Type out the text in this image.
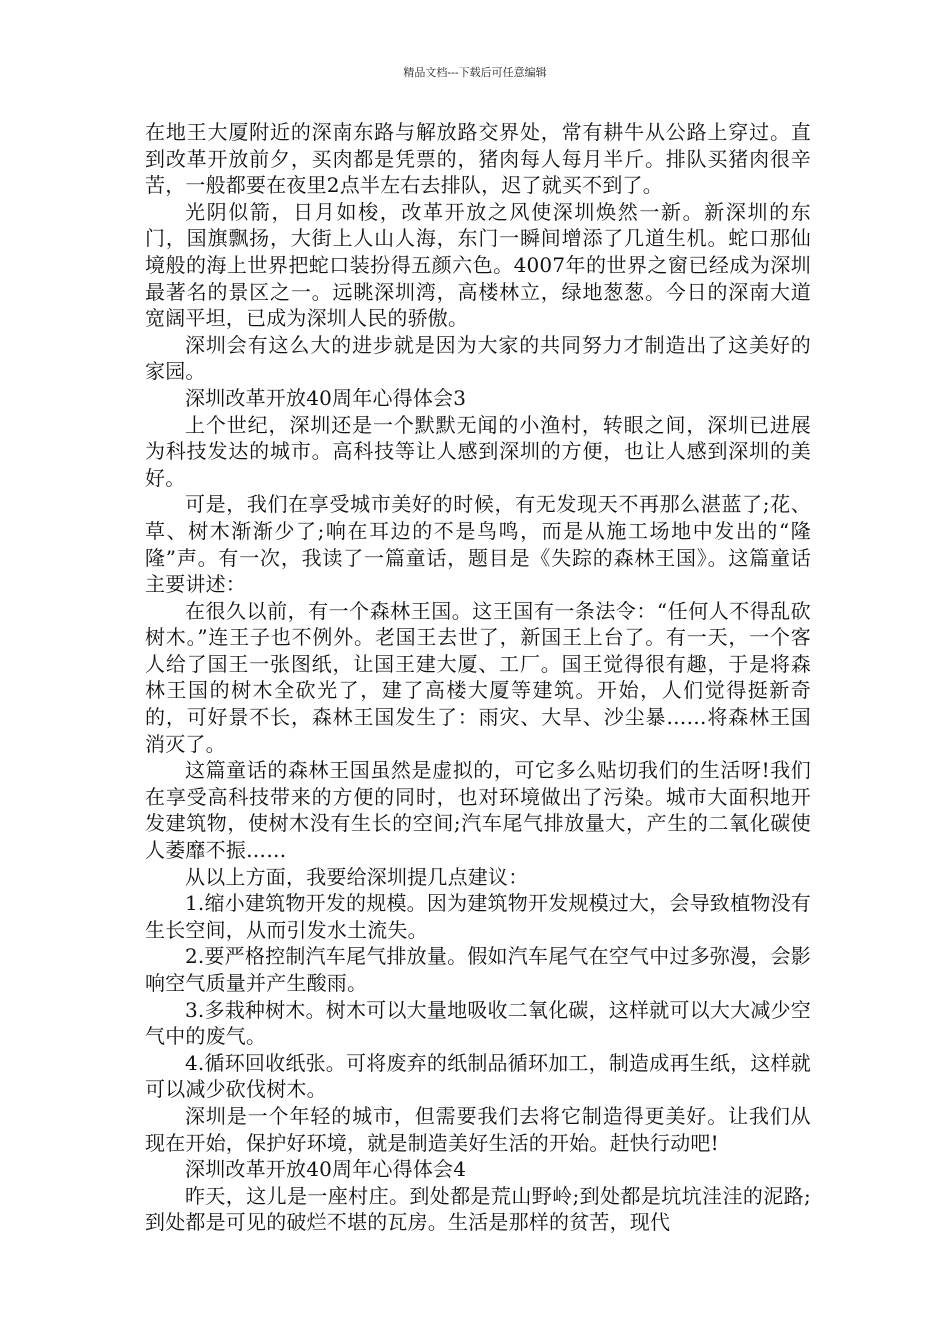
精品文档---下载后可任意编辑

在地王大厦附近的深南东路与解放路交界处，常有耕牛从公路上穿过。直到改革开放前夕，买肉都是凭票的，猪肉每人每月半斤。排队买猪肉很辛苦，一般都要在夜里2点半左右去排队，迟了就买不到了。

光阴似箭，日月如梭，改革开放之风使深圳焕然一新。新深圳的东门，国旗飘扬，大街上人山人海，东门一瞬间增添了几道生机。蛇口那仙境般的海上世界把蛇口装扮得五颜六色。4007年的世界之窗已经成为深圳最著名的景区之一。远眺深圳湾，高楼林立，绿地葱葱。今日的深南大道宽阔平坦，已成为深圳人民的骄傲。

深圳会有这么大的进步就是因为大家的共同努力才制造出了这美好的家园。

深圳改革开放40周年心得体会3

上个世纪，深圳还是一个默默无闻的小渔村，转眼之间，深圳已进展为科技发达的城市。高科技等让人感到深圳的方便，也让人感到深圳的美好。

可是，我们在享受城市美好的时候，有无发现天不再那么湛蓝了;花、草、树木渐渐少了;响在耳边的不是鸟鸣，而是从施工场地中发出的“隆隆”声。有一次，我读了一篇童话，题目是《失踪的森林王国》。这篇童话主要讲述：

在很久以前，有一个森林王国。这王国有一条法令：“任何人不得乱砍树木。”连王子也不例外。老国王去世了，新国王上台了。有一天，一个客人给了国王一张图纸，让国王建大厦、工厂。国王觉得很有趣，于是将森林王国的树木全砍光了，建了高楼大厦等建筑。开始，人们觉得挺新奇的，可好景不长，森林王国发生了：雨灾、大旱、沙尘暴……将森林王国消灭了。

这篇童话的森林王国虽然是虚拟的，可它多么贴切我们的生活呀!我们在享受高科技带来的方便的同时，也对环境做出了污染。城市大面积地开发建筑物，使树木没有生长的空间;汽车尾气排放量大，产生的二氧化碳使人萎靡不振……

从以上方面，我要给深圳提几点建议：

1.缩小建筑物开发的规模。因为建筑物开发规模过大，会导致植物没有生长空间，从而引发水土流失。

2.要严格控制汽车尾气排放量。假如汽车尾气在空气中过多弥漫，会影响空气质量并产生酸雨。

3.多栽种树木。树木可以大量地吸收二氧化碳，这样就可以大大减少空气中的废气。

4.循环回收纸张。可将废弃的纸制品循环加工，制造成再生纸，这样就可以减少砍伐树木。

深圳是一个年轻的城市，但需要我们去将它制造得更美好。让我们从现在开始，保护好环境，就是制造美好生活的开始。赶快行动吧!

深圳改革开放40周年心得体会4

昨天，这儿是一座村庄。到处都是荒山野岭;到处都是坑坑洼洼的泥路;到处都是可见的破烂不堪的瓦房。生活是那样的贫苦，现代
